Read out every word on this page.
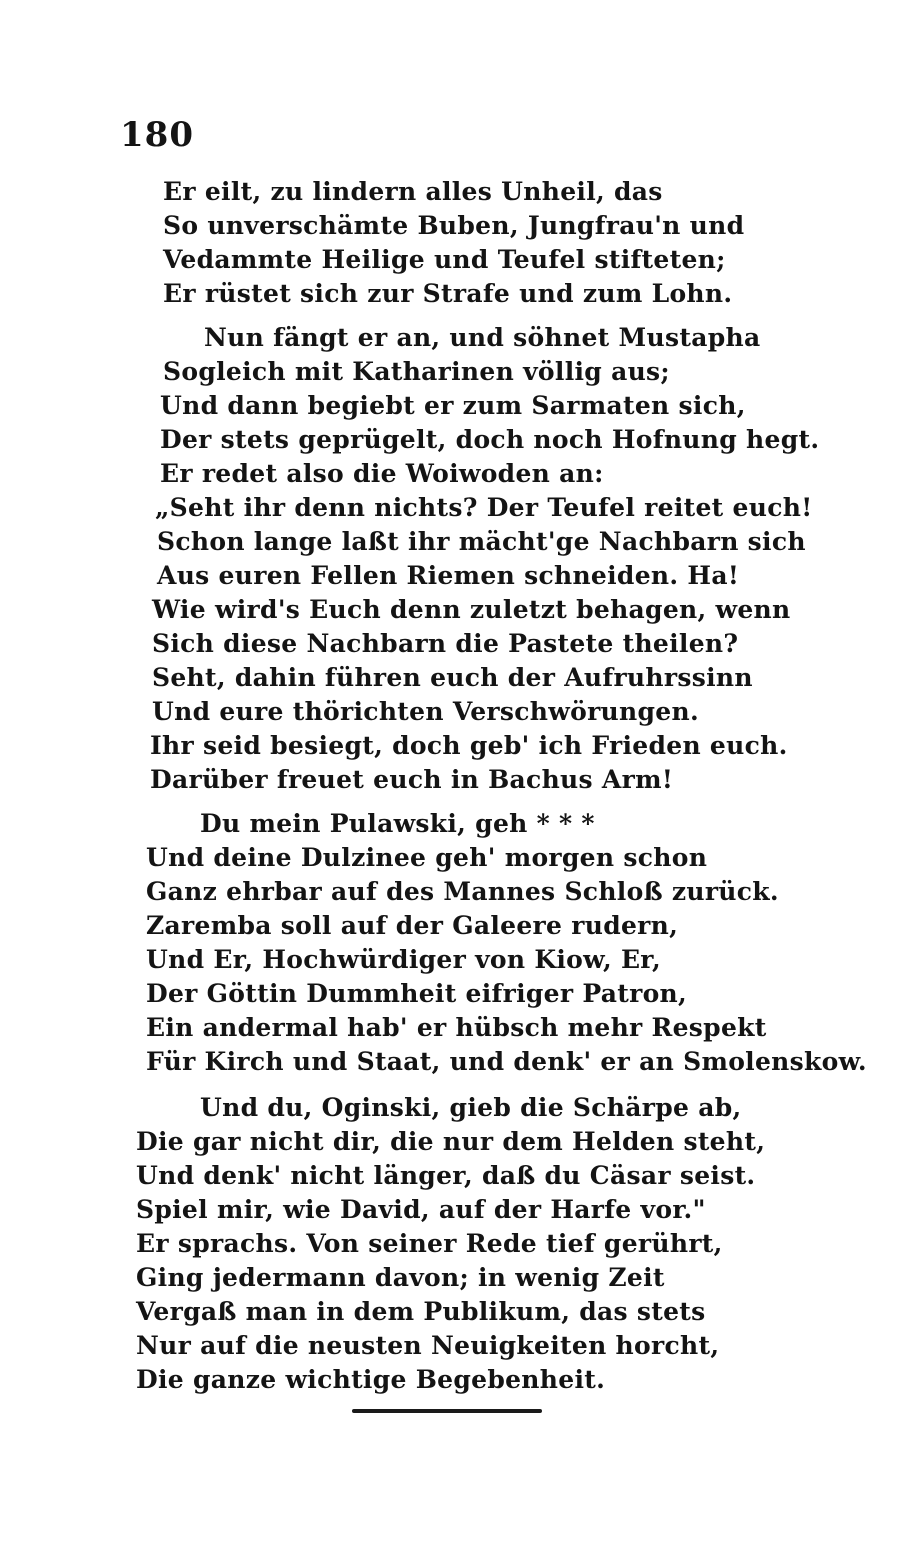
180
Er eilt, zu lindern alles Unheil, das
So unverschämte Buben, Jungfrau'n und
Vedammte Heilige und Teufel stifteten;
Er rüstet sich zur Strafe und zum Lohn.
Nun fängt er an, und söhnet Mustapha
Sogleich mit Katharinen völlig aus;
Und dann begiebt er zum Sarmaten sich,
Der stets geprügelt, doch noch Hofnung hegt.
Er redet also die Woiwoden an:
„Seht ihr denn nichts? Der Teufel reitet euch!
Schon lange laßt ihr mächt'ge Nachbarn sich
Aus euren Fellen Riemen schneiden. Ha!
Wie wird's Euch denn zuletzt behagen, wenn
Sich diese Nachbarn die Pastete theilen?
Seht, dahin führen euch der Aufruhrssinn
Und eure thörichten Verschwörungen.
Ihr seid besiegt, doch geb' ich Frieden euch.
Darüber freuet euch in Bachus Arm!
Du mein Pulawski, geh * * *
Und deine Dulzinee geh' morgen schon
Ganz ehrbar auf des Mannes Schloß zurück.
Zaremba soll auf der Galeere rudern,
Und Er, Hochwürdiger von Kiow, Er,
Der Göttin Dummheit eifriger Patron,
Ein andermal hab' er hübsch mehr Respekt
Für Kirch und Staat, und denk' er an Smolenskow.
Und du, Oginski, gieb die Schärpe ab,
Die gar nicht dir, die nur dem Helden steht,
Und denk' nicht länger, daß du Cäsar seist.
Spiel mir, wie David, auf der Harfe vor."
Er sprachs. Von seiner Rede tief gerührt,
Ging jedermann davon; in wenig Zeit
Vergaß man in dem Publikum, das stets
Nur auf die neusten Neuigkeiten horcht,
Die ganze wichtige Begebenheit.
